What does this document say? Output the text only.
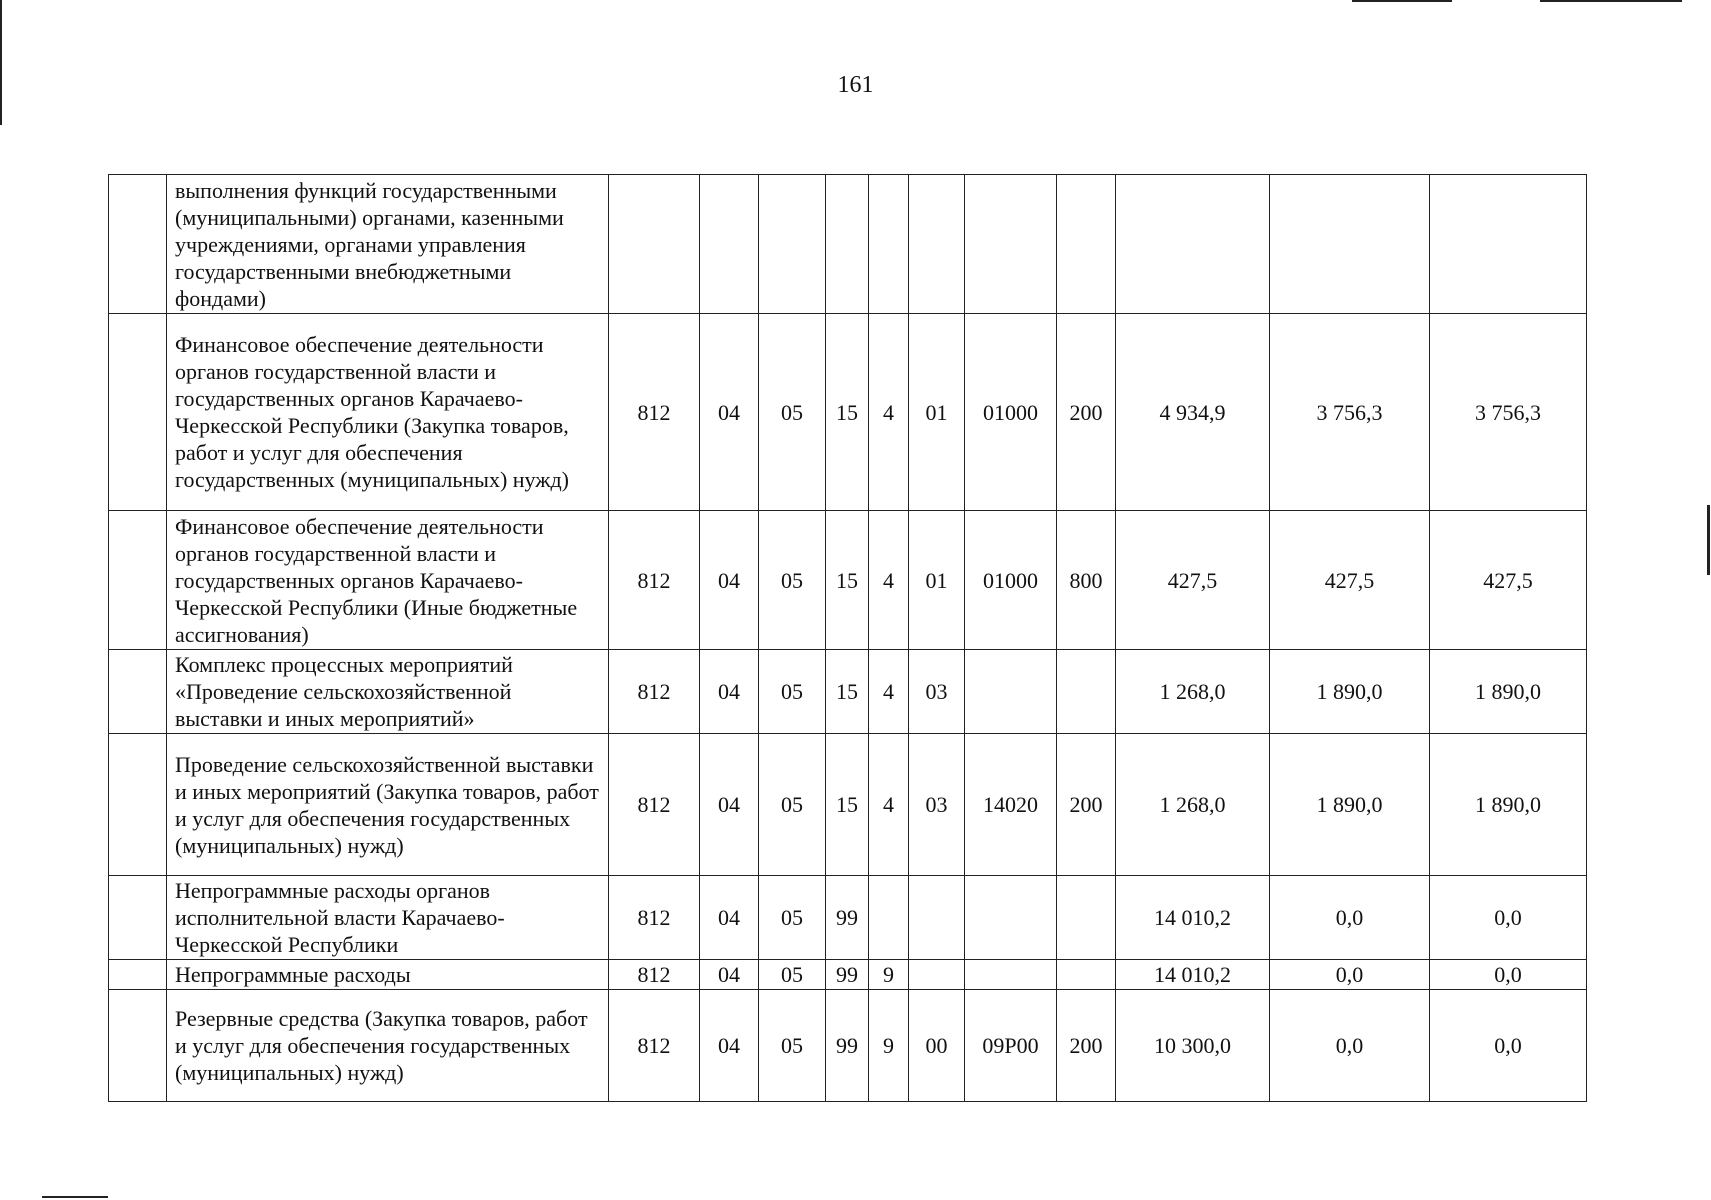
161
	выполнения функций государственными (муниципальными) органами, казенными учреждениями, органами управления государственными внебюджетными фондами)											
	Финансовое обеспечение деятельности органов государственной власти и государственных органов Карачаево-Черкесской Республики (Закупка товаров, работ и услуг для обеспечения государственных (муниципальных) нужд)	812	04	05	15	4	01	01000	200	4 934,9	3 756,3	3 756,3
	Финансовое обеспечение деятельности органов государственной власти и государственных органов Карачаево-Черкесской Республики (Иные бюджетные ассигнования)	812	04	05	15	4	01	01000	800	427,5	427,5	427,5
	Комплекс процессных мероприятий «Проведение сельскохозяйственной выставки и иных мероприятий»	812	04	05	15	4	03			1 268,0	1 890,0	1 890,0
	Проведение сельскохозяйственной выставки и иных мероприятий (Закупка товаров, работ и услуг для обеспечения государственных (муниципальных) нужд)	812	04	05	15	4	03	14020	200	1 268,0	1 890,0	1 890,0
	Непрограммные расходы органов исполнительной власти Карачаево-Черкесской Республики	812	04	05	99					14 010,2	0,0	0,0
	Непрограммные расходы	812	04	05	99	9				14 010,2	0,0	0,0
	Резервные средства (Закупка товаров, работ и услуг для обеспечения государственных (муниципальных) нужд)	812	04	05	99	9	00	09Р00	200	10 300,0	0,0	0,0
